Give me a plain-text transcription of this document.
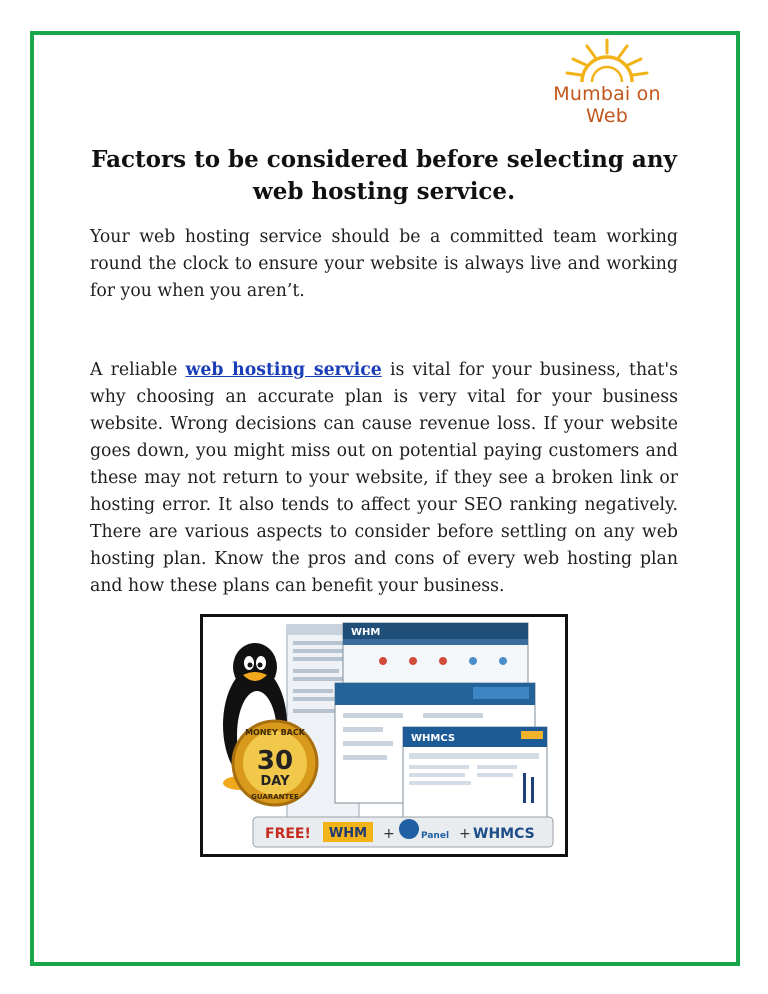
Mumbai on Web
Factors to be considered before selecting any web hosting service.

Your web hosting service should be a committed team working round the clock to ensure your website is always live and working for you when you aren’t.

A reliable web hosting service is vital for your business, that's why choosing an accurate plan is very vital for your business website. Wrong decisions can cause revenue loss. If your website goes down, you might miss out on potential paying customers and these may not return to your website, if they see a broken link or hosting error. It also tends to affect your SEO ranking negatively. There are various aspects to consider before settling on any web hosting plan. Know the pros and cons of every web hosting plan and how these plans can benefit your business.

WHM
WHMCS
MONEY BACK
30
DAY
GUARANTEE
FREE! WHM +	Panel + WHMCS
